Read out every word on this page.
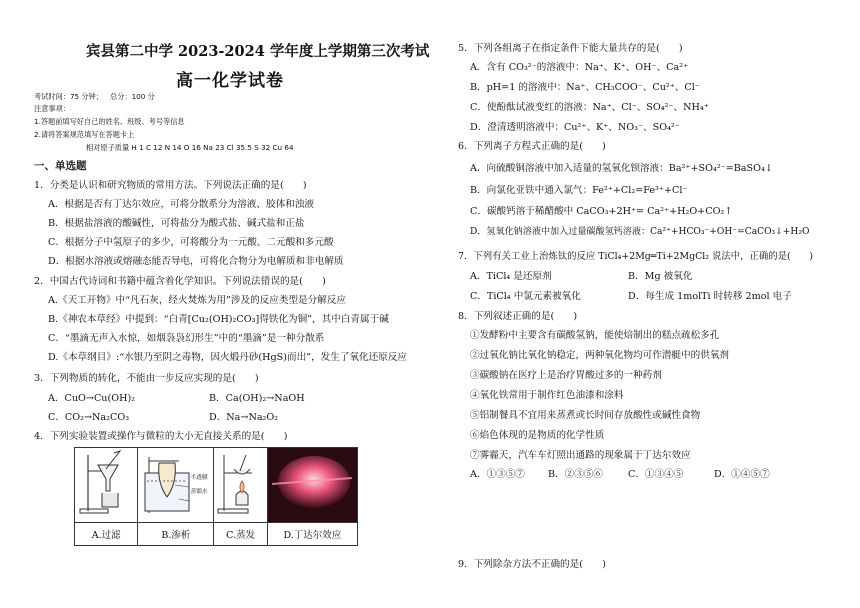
宾县第二中学 2023-2024 学年度上学期第三次考试
高一化学试卷
考试时间：75 分钟； 总分：100 分
注意事项：
1.答题前填写好自己的姓名、班级、考号等信息
2.请将答案规范填写在答题卡上
相对原子质量 H 1 C 12 N 14 O 16 Na 23 Cl 35.5 S 32 Cu 64
一、单选题
1．分类是认识和研究物质的常用方法。下列说法正确的是(　　)
A．根据是否有丁达尔效应，可将分散系分为溶液、胶体和浊液
B．根据盐溶液的酸碱性，可将盐分为酸式盐、碱式盐和正盐
C．根据分子中氢原子的多少，可将酸分为一元酸、二元酸和多元酸
D．根据水溶液或熔融态能否导电，可将化合物分为电解质和非电解质
2．中国古代诗词和书籍中蕴含着化学知识。下列说法错误的是(　　)
A.《天工开物》中“凡石灰，经火焚炼为用”涉及的反应类型是分解反应
B.《神农本草经》中提到：“白青[Cu₂(OH)₂CO₃]得铁化为铜”，其中白青属于碱
C．“墨滴无声入水惊，如烟袅袅幻形生”中的“墨滴”是一种分散系
D.《本草纲目》:“水银乃至阴之毒物，因火煅丹砂(HgS)而出”，发生了氧化还原反应
3．下列物质的转化，不能由一步反应实现的是(　　)
A．CuO→Cu(OH)₂	B．Ca(OH)₂→NaOH
C．CO₂→Na₂CO₃	D．Na→Na₂O₂
4．下列实验装置或操作与微粒的大小无直接关系的是(　　)

半透膜
蒸馏水

A.过滤	B.渗析	C.蒸发	D.丁达尔效应
5．下列各组离子在指定条件下能大量共存的是(　　)
A．含有 CO₃²⁻的溶液中：Na⁺、K⁺、OH⁻、Ca²⁺
B．pH=1 的溶液中：Na⁺、CH₃COO⁻、Cu²⁺、Cl⁻
C．使酚酞试液变红的溶液：Na⁺、Cl⁻、SO₄²⁻、NH₄⁺
D．澄清透明溶液中：Cu²⁺、K⁺、NO₃⁻、SO₄²⁻
6．下列离子方程式正确的是(　　)
A．向硫酸铜溶液中加入适量的氢氧化钡溶液：Ba²⁺+SO₄²⁻=BaSO₄↓
B．向氯化亚铁中通入氯气：Fe²⁺+Cl₂=Fe³⁺+Cl⁻
C．碳酸钙溶于稀醋酸中 CaCO₃+2H⁺= Ca²⁺+H₂O+CO₂↑
D．氢氧化钠溶液中加入过量碳酸氢钙溶液：Ca²⁺+HCO₃⁻+OH⁻=CaCO₃↓+H₂O
7．下列有关工业上治炼钛的反应 TiCl₄+2Mg═Ti+2MgCl₂ 说法中，正确的是(　　)
A．TiCl₄ 是还原剂	B．Mg 被氧化
C．TiCl₄ 中氯元素被氧化	D．每生成 1molTi 时转移 2mol 电子
8．下列叙述正确的是(　　)
①发酵粉中主要含有碳酸氢钠，能使焙制出的糕点疏松多孔
②过氧化钠比氧化钠稳定，两种氧化物均可作潜艇中的供氧剂
③碳酸钠在医疗上是治疗胃酸过多的一种药剂
④氧化铁常用于制作红色油漆和涂料
⑤铝制餐具不宜用来蒸煮或长时间存放酸性或碱性食物
⑥焰色体现的是物质的化学性质
⑦雾霾天，汽车车灯照出通路的现象属于丁达尔效应
A．①③⑤⑦ B．②③⑤⑥	C．①③④⑤	D．①④⑤⑦
9．下列除杂方法不正确的是(　　)
